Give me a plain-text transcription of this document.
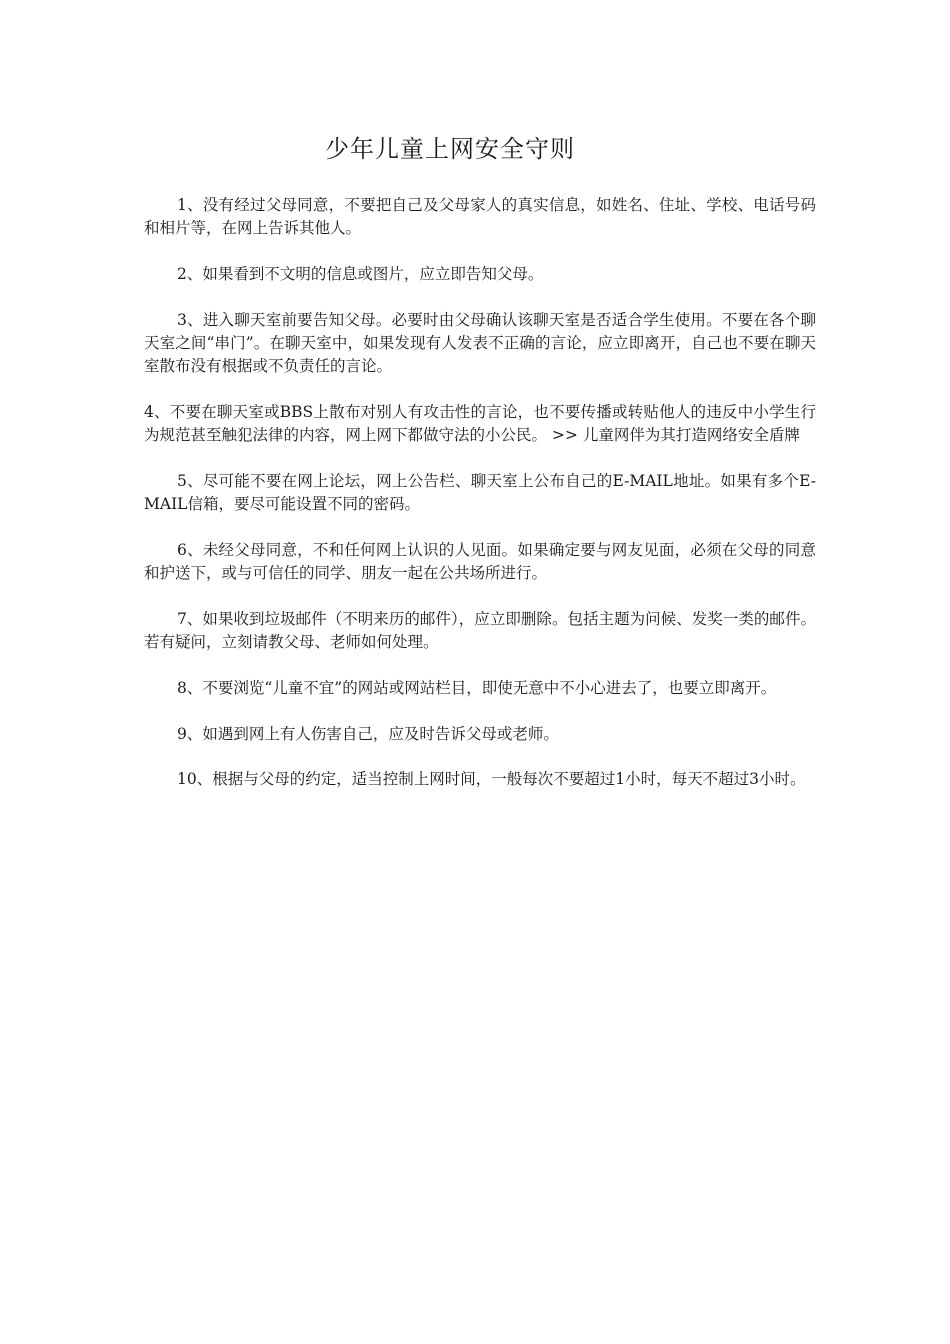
少年儿童上网安全守则

1、没有经过父母同意，不要把自己及父母家人的真实信息，如姓名、住址、学校、电话号码和相片等，在网上告诉其他人。

2、如果看到不文明的信息或图片，应立即告知父母。

3、进入聊天室前要告知父母。必要时由父母确认该聊天室是否适合学生使用。不要在各个聊天室之间“串门”。在聊天室中，如果发现有人发表不正确的言论，应立即离开，自己也不要在聊天室散布没有根据或不负责任的言论。

4、不要在聊天室或BBS上散布对别人有攻击性的言论，也不要传播或转贴他人的违反中小学生行为规范甚至触犯法律的内容，网上网下都做守法的小公民。 >> 儿童网伴为其打造网络安全盾牌

5、尽可能不要在网上论坛，网上公告栏、聊天室上公布自己的E-MAIL地址。如果有多个E-MAIL信箱，要尽可能设置不同的密码。

6、未经父母同意，不和任何网上认识的人见面。如果确定要与网友见面，必须在父母的同意和护送下，或与可信任的同学、朋友一起在公共场所进行。

7、如果收到垃圾邮件（不明来历的邮件），应立即删除。包括主题为问候、发奖一类的邮件。若有疑问，立刻请教父母、老师如何处理。

8、不要浏览“儿童不宜”的网站或网站栏目，即使无意中不小心进去了，也要立即离开。

9、如遇到网上有人伤害自己，应及时告诉父母或老师。

10、根据与父母的约定，适当控制上网时间，一般每次不要超过1小时，每天不超过3小时。
